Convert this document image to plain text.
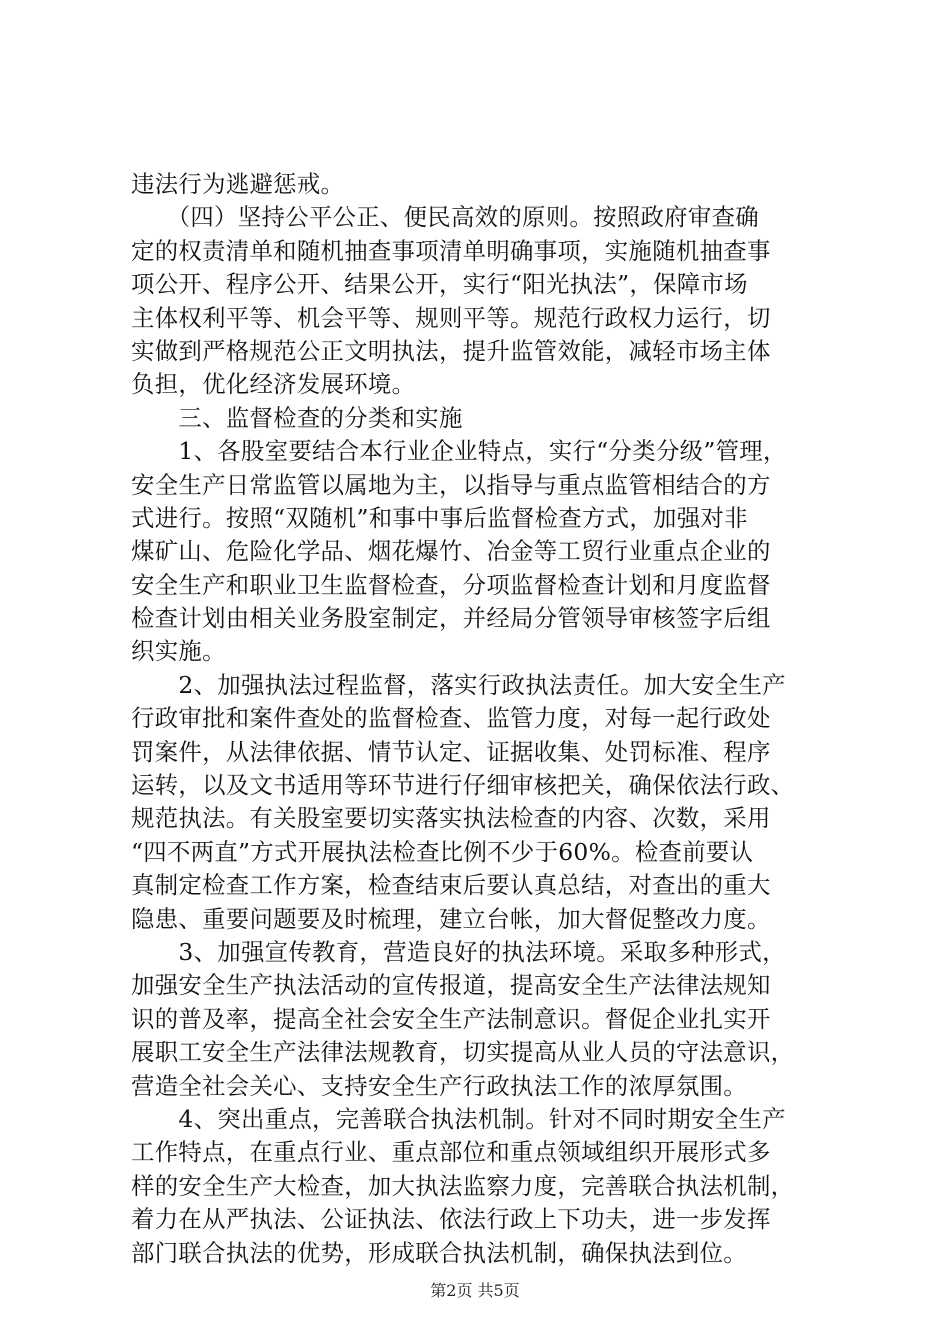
违法行为逃避惩戒。
　　（四）坚持公平公正、便民高效的原则。按照政府审查确
定的权责清单和随机抽查事项清单明确事项，实施随机抽查事
项公开、程序公开、结果公开，实行“阳光执法”，保障市场
主体权利平等、机会平等、规则平等。规范行政权力运行，切
实做到严格规范公正文明执法，提升监管效能，减轻市场主体
负担，优化经济发展环境。
　　三、监督检查的分类和实施
　　1、各股室要结合本行业企业特点，实行“分类分级”管理，
安全生产日常监管以属地为主，以指导与重点监管相结合的方
式进行。按照“双随机”和事中事后监督检查方式，加强对非
煤矿山、危险化学品、烟花爆竹、冶金等工贸行业重点企业的
安全生产和职业卫生监督检查，分项监督检查计划和月度监督
检查计划由相关业务股室制定，并经局分管领导审核签字后组
织实施。
　　2、加强执法过程监督，落实行政执法责任。加大安全生产
行政审批和案件查处的监督检查、监管力度，对每一起行政处
罚案件，从法律依据、情节认定、证据收集、处罚标准、程序
运转，以及文书适用等环节进行仔细审核把关，确保依法行政、
规范执法。有关股室要切实落实执法检查的内容、次数，采用
“四不两直”方式开展执法检查比例不少于60%。检查前要认
真制定检查工作方案，检查结束后要认真总结，对查出的重大
隐患、重要问题要及时梳理，建立台帐，加大督促整改力度。
　　3、加强宣传教育，营造良好的执法环境。采取多种形式，
加强安全生产执法活动的宣传报道，提高安全生产法律法规知
识的普及率，提高全社会安全生产法制意识。督促企业扎实开
展职工安全生产法律法规教育，切实提高从业人员的守法意识，
营造全社会关心、支持安全生产行政执法工作的浓厚氛围。
　　4、突出重点，完善联合执法机制。针对不同时期安全生产
工作特点，在重点行业、重点部位和重点领域组织开展形式多
样的安全生产大检查，加大执法监察力度，完善联合执法机制，
着力在从严执法、公证执法、依法行政上下功夫，进一步发挥
部门联合执法的优势，形成联合执法机制，确保执法到位。
第2页 共5页
